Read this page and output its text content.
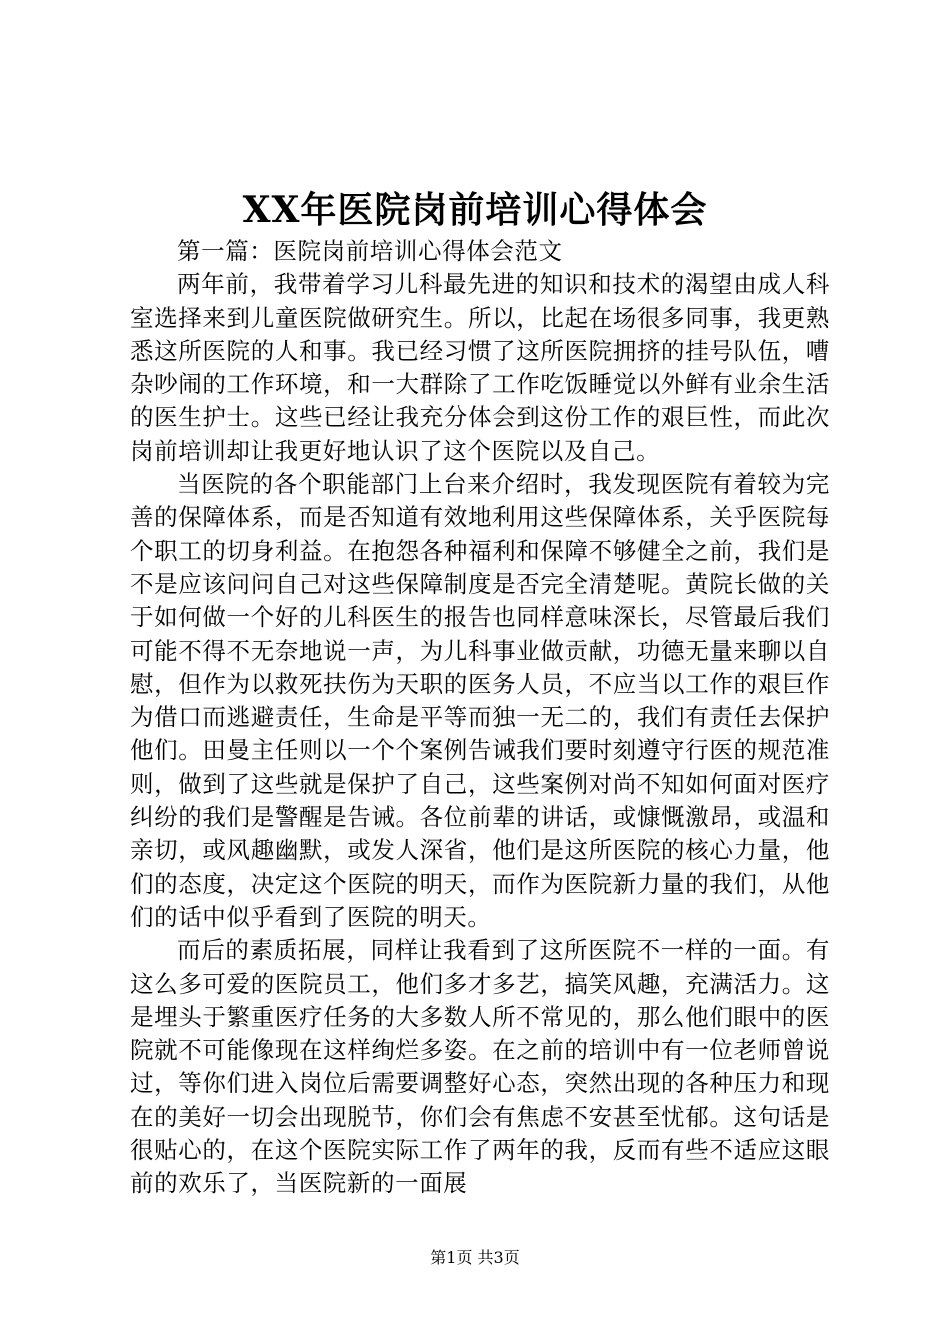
XX年医院岗前培训心得体会

第一篇：医院岗前培训心得体会范文

两年前，我带着学习儿科最先进的知识和技术的渴望由成人科室选择来到儿童医院做研究生。所以，比起在场很多同事，我更熟悉这所医院的人和事。我已经习惯了这所医院拥挤的挂号队伍，嘈杂吵闹的工作环境，和一大群除了工作吃饭睡觉以外鲜有业余生活的医生护士。这些已经让我充分体会到这份工作的艰巨性，而此次岗前培训却让我更好地认识了这个医院以及自己。

当医院的各个职能部门上台来介绍时，我发现医院有着较为完善的保障体系，而是否知道有效地利用这些保障体系，关乎医院每个职工的切身利益。在抱怨各种福利和保障不够健全之前，我们是不是应该问问自己对这些保障制度是否完全清楚呢。黄院长做的关于如何做一个好的儿科医生的报告也同样意味深长，尽管最后我们可能不得不无奈地说一声，为儿科事业做贡献，功德无量来聊以自慰，但作为以救死扶伤为天职的医务人员，不应当以工作的艰巨作为借口而逃避责任，生命是平等而独一无二的，我们有责任去保护他们。田曼主任则以一个个案例告诫我们要时刻遵守行医的规范准则，做到了这些就是保护了自己，这些案例对尚不知如何面对医疗纠纷的我们是警醒是告诫。各位前辈的讲话，或慷慨激昂，或温和亲切，或风趣幽默，或发人深省，他们是这所医院的核心力量，他们的态度，决定这个医院的明天，而作为医院新力量的我们，从他们的话中似乎看到了医院的明天。

而后的素质拓展，同样让我看到了这所医院不一样的一面。有这么多可爱的医院员工，他们多才多艺，搞笑风趣，充满活力。这是埋头于繁重医疗任务的大多数人所不常见的，那么他们眼中的医院就不可能像现在这样绚烂多姿。在之前的培训中有一位老师曾说过，等你们进入岗位后需要调整好心态，突然出现的各种压力和现在的美好一切会出现脱节，你们会有焦虑不安甚至忧郁。这句话是很贴心的，在这个医院实际工作了两年的我，反而有些不适应这眼前的欢乐了，当医院新的一面展

第1页 共3页
